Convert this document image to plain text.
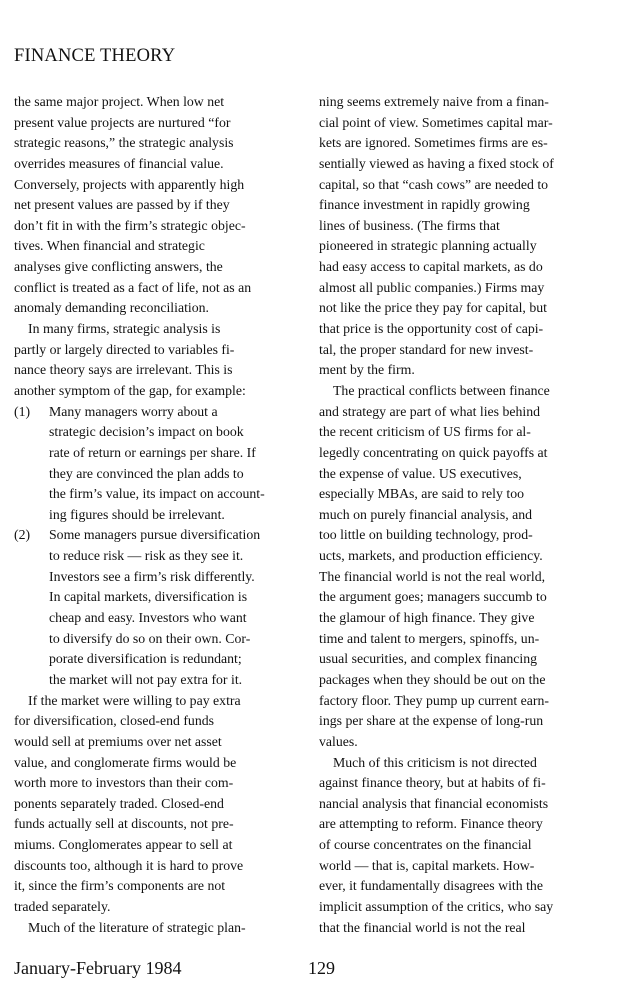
FINANCE THEORY
the same major project. When low net
present value projects are nurtured “for
strategic reasons,” the strategic analysis
overrides measures of financial value.
Conversely, projects with apparently high
net present values are passed by if they
don’t fit in with the firm’s strategic objec-
tives. When financial and strategic
analyses give conflicting answers, the
conflict is treated as a fact of life, not as an
anomaly demanding reconciliation.
In many firms, strategic analysis is
partly or largely directed to variables fi-
nance theory says are irrelevant. This is
another symptom of the gap, for example:
(1) Many managers worry about a
strategic decision’s impact on book
rate of return or earnings per share. If
they are convinced the plan adds to
the firm’s value, its impact on account-
ing figures should be irrelevant.
(2) Some managers pursue diversification
to reduce risk — risk as they see it.
Investors see a firm’s risk differently.
In capital markets, diversification is
cheap and easy. Investors who want
to diversify do so on their own. Cor-
porate diversification is redundant;
the market will not pay extra for it.
If the market were willing to pay extra
for diversification, closed-end funds
would sell at premiums over net asset
value, and conglomerate firms would be
worth more to investors than their com-
ponents separately traded. Closed-end
funds actually sell at discounts, not pre-
miums. Conglomerates appear to sell at
discounts too, although it is hard to prove
it, since the firm’s components are not
traded separately.
Much of the literature of strategic plan-
ning seems extremely naive from a finan-
cial point of view. Sometimes capital mar-
kets are ignored. Sometimes firms are es-
sentially viewed as having a fixed stock of
capital, so that “cash cows” are needed to
finance investment in rapidly growing
lines of business. (The firms that
pioneered in strategic planning actually
had easy access to capital markets, as do
almost all public companies.) Firms may
not like the price they pay for capital, but
that price is the opportunity cost of capi-
tal, the proper standard for new invest-
ment by the firm.
The practical conflicts between finance
and strategy are part of what lies behind
the recent criticism of US firms for al-
legedly concentrating on quick payoffs at
the expense of value. US executives,
especially MBAs, are said to rely too
much on purely financial analysis, and
too little on building technology, prod-
ucts, markets, and production efficiency.
The financial world is not the real world,
the argument goes; managers succumb to
the glamour of high finance. They give
time and talent to mergers, spinoffs, un-
usual securities, and complex financing
packages when they should be out on the
factory floor. They pump up current earn-
ings per share at the expense of long-run
values.
Much of this criticism is not directed
against finance theory, but at habits of fi-
nancial analysis that financial economists
are attempting to reform. Finance theory
of course concentrates on the financial
world — that is, capital markets. How-
ever, it fundamentally disagrees with the
implicit assumption of the critics, who say
that the financial world is not the real
January-February 1984	129
